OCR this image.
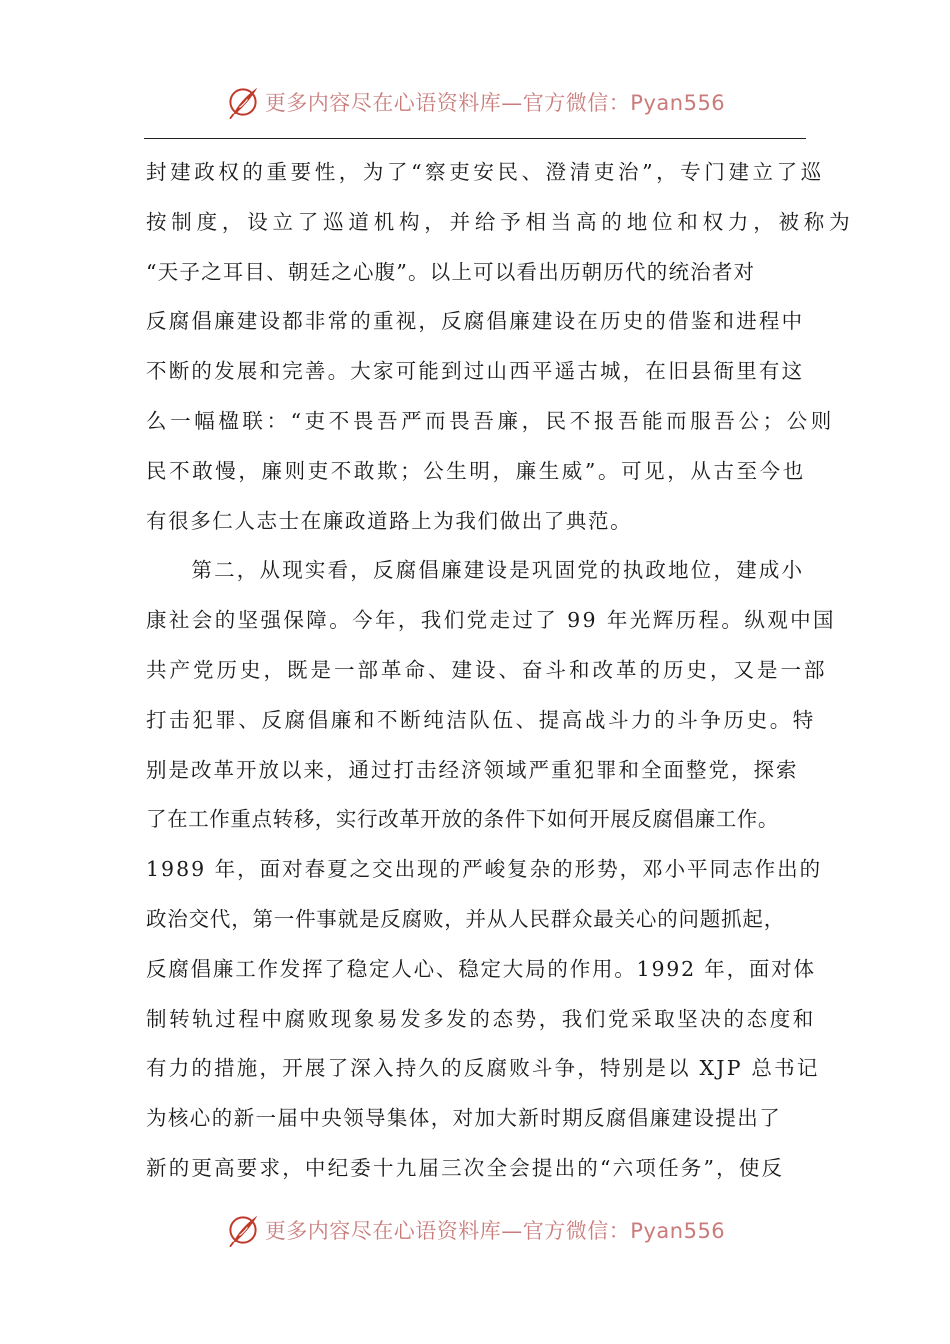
更多内容尽在心语资料库—官方微信：Pyan556
封建政权的重要性，为了“察吏安民、澄清吏治”，专门建立了巡
按制度，设立了巡道机构，并给予相当高的地位和权力，被称为
“天子之耳目、朝廷之心腹”。以上可以看出历朝历代的统治者对
反腐倡廉建设都非常的重视，反腐倡廉建设在历史的借鉴和进程中
不断的发展和完善。大家可能到过山西平遥古城，在旧县衙里有这
么一幅楹联：“吏不畏吾严而畏吾廉，民不报吾能而服吾公；公则
民不敢慢，廉则吏不敢欺；公生明，廉生威”。可见，从古至今也
有很多仁人志士在廉政道路上为我们做出了典范。
　　第二，从现实看，反腐倡廉建设是巩固党的执政地位，建成小
康社会的坚强保障。今年，我们党走过了 99 年光辉历程。纵观中国
共产党历史，既是一部革命、建设、奋斗和改革的历史，又是一部
打击犯罪、反腐倡廉和不断纯洁队伍、提高战斗力的斗争历史。特
别是改革开放以来，通过打击经济领域严重犯罪和全面整党，探索
了在工作重点转移，实行改革开放的条件下如何开展反腐倡廉工作。
1989 年，面对春夏之交出现的严峻复杂的形势，邓小平同志作出的
政治交代，第一件事就是反腐败，并从人民群众最关心的问题抓起，
反腐倡廉工作发挥了稳定人心、稳定大局的作用。1992 年，面对体
制转轨过程中腐败现象易发多发的态势，我们党采取坚决的态度和
有力的措施，开展了深入持久的反腐败斗争，特别是以 XJP 总书记
为核心的新一届中央领导集体，对加大新时期反腐倡廉建设提出了
新的更高要求，中纪委十九届三次全会提出的“六项任务”，使反
更多内容尽在心语资料库—官方微信：Pyan556
